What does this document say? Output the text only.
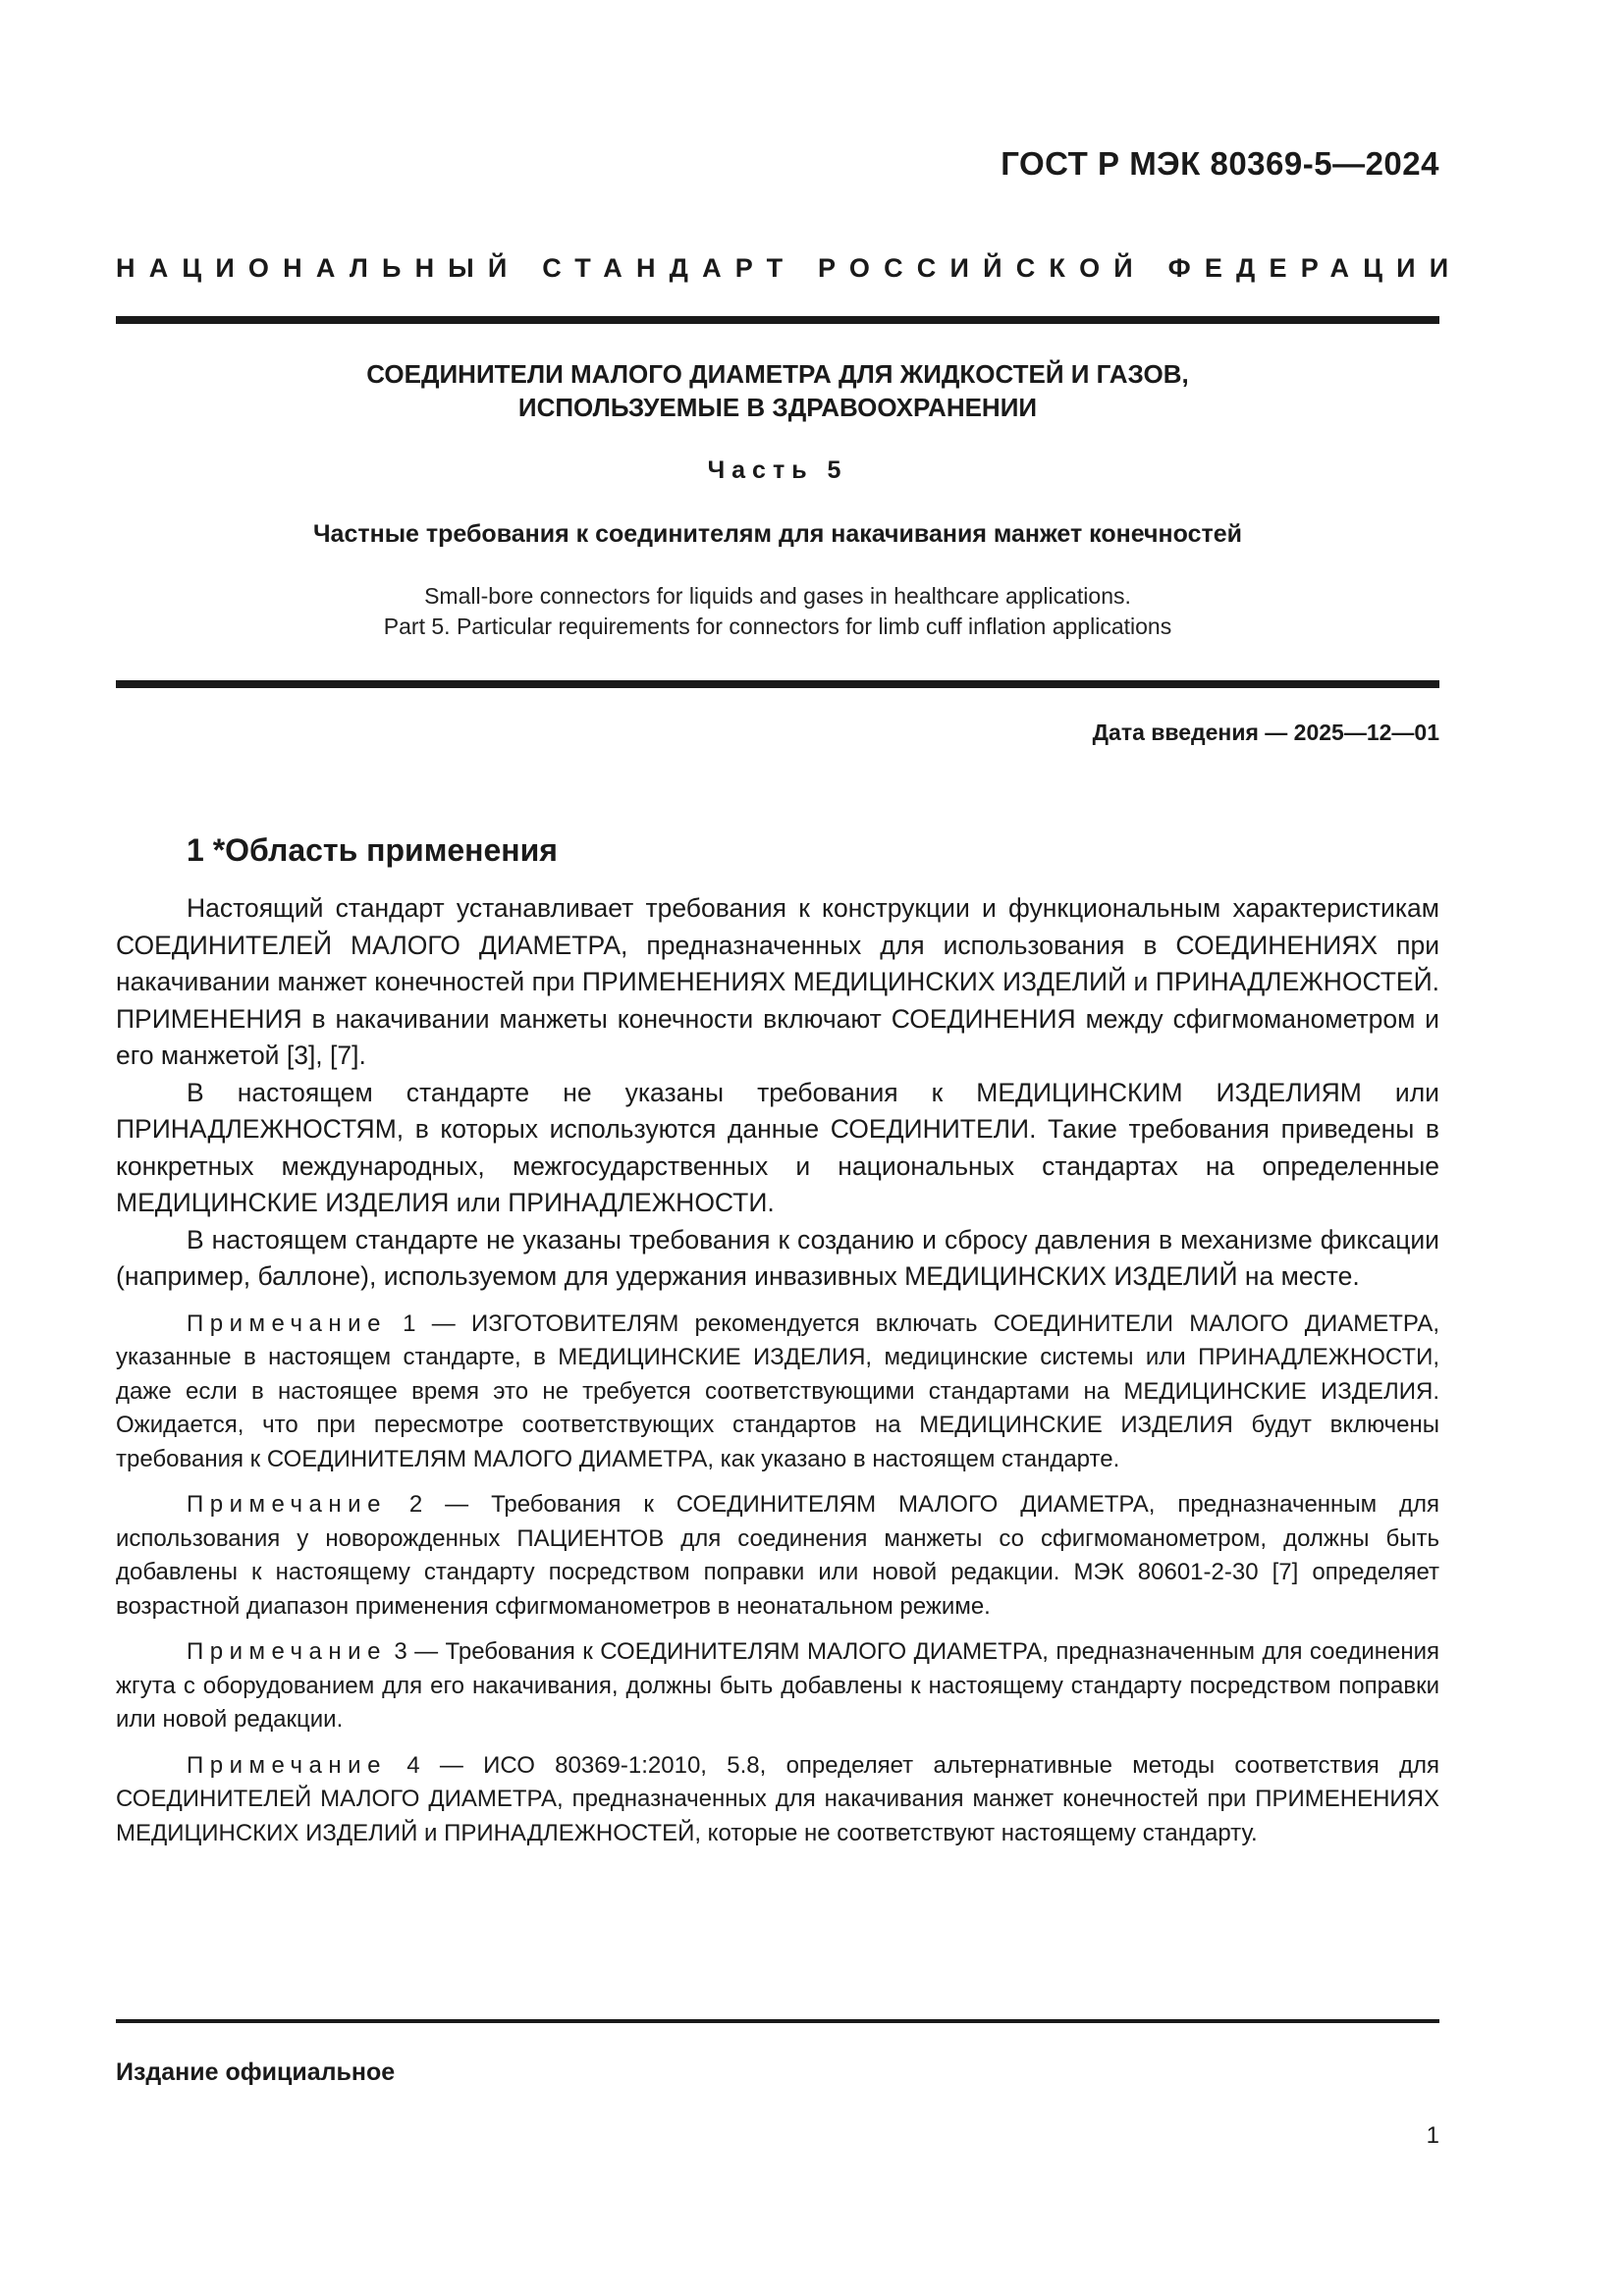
ГОСТ Р МЭК 80369-5—2024
НАЦИОНАЛЬНЫЙ СТАНДАРТ РОССИЙСКОЙ ФЕДЕРАЦИИ
СОЕДИНИТЕЛИ МАЛОГО ДИАМЕТРА ДЛЯ ЖИДКОСТЕЙ И ГАЗОВ,
ИСПОЛЬЗУЕМЫЕ В ЗДРАВООХРАНЕНИИ
Часть 5
Частные требования к соединителям для накачивания манжет конечностей
Small-bore connectors for liquids and gases in healthcare applications.
Part 5. Particular requirements for connectors for limb cuff inflation applications
Дата введения — 2025—12—01
1 *Область применения

Настоящий стандарт устанавливает требования к конструкции и функциональным характеристикам СОЕДИНИТЕЛЕЙ МАЛОГО ДИАМЕТРА, предназначенных для использования в СОЕДИНЕНИЯХ при накачивании манжет конечностей при ПРИМЕНЕНИЯХ МЕДИЦИНСКИХ ИЗДЕЛИЙ и ПРИНАДЛЕЖНОСТЕЙ. ПРИМЕНЕНИЯ в накачивании манжеты конечности включают СОЕДИНЕНИЯ между сфигмоманометром и его манжетой [3], [7].

В настоящем стандарте не указаны требования к МЕДИЦИНСКИМ ИЗДЕЛИЯМ или ПРИНАДЛЕЖНОСТЯМ, в которых используются данные СОЕДИНИТЕЛИ. Такие требования приведены в конкретных международных, межгосударственных и национальных стандартах на определенные МЕДИЦИНСКИЕ ИЗДЕЛИЯ или ПРИНАДЛЕЖНОСТИ.

В настоящем стандарте не указаны требования к созданию и сбросу давления в механизме фиксации (например, баллоне), используемом для удержания инвазивных МЕДИЦИНСКИХ ИЗДЕЛИЙ на месте.

Примечание 1 — ИЗГОТОВИТЕЛЯМ рекомендуется включать СОЕДИНИТЕЛИ МАЛОГО ДИАМЕТРА, указанные в настоящем стандарте, в МЕДИЦИНСКИЕ ИЗДЕЛИЯ, медицинские системы или ПРИНАДЛЕЖНОСТИ, даже если в настоящее время это не требуется соответствующими стандартами на МЕДИЦИНСКИЕ ИЗДЕЛИЯ. Ожидается, что при пересмотре соответствующих стандартов на МЕДИЦИНСКИЕ ИЗДЕЛИЯ будут включены требования к СОЕДИНИТЕЛЯМ МАЛОГО ДИАМЕТРА, как указано в настоящем стандарте.

Примечание 2 — Требования к СОЕДИНИТЕЛЯМ МАЛОГО ДИАМЕТРА, предназначенным для использования у новорожденных ПАЦИЕНТОВ для соединения манжеты со сфигмоманометром, должны быть добавлены к настоящему стандарту посредством поправки или новой редакции. МЭК 80601-2-30 [7] определяет возрастной диапазон применения сфигмоманометров в неонатальном режиме.

Примечание 3 — Требования к СОЕДИНИТЕЛЯМ МАЛОГО ДИАМЕТРА, предназначенным для соединения жгута с оборудованием для его накачивания, должны быть добавлены к настоящему стандарту посредством поправки или новой редакции.

Примечание 4 — ИСО 80369-1:2010, 5.8, определяет альтернативные методы соответствия для СОЕДИНИТЕЛЕЙ МАЛОГО ДИАМЕТРА, предназначенных для накачивания манжет конечностей при ПРИМЕНЕНИЯХ МЕДИЦИНСКИХ ИЗДЕЛИЙ и ПРИНАДЛЕЖНОСТЕЙ, которые не соответствуют настоящему стандарту.

Издание официальное
1
